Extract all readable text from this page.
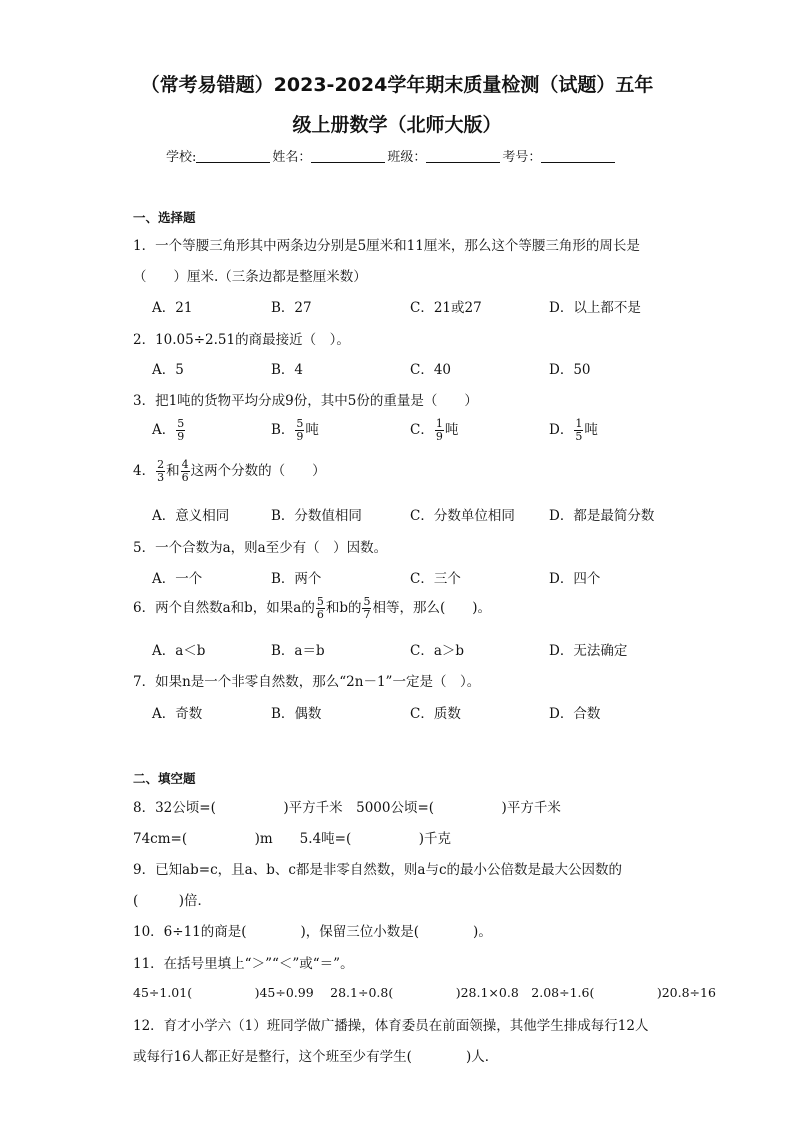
（常考易错题）2023-2024学年期末质量检测（试题）五年
级上册数学（北师大版）
学校:	姓名：	班级：	考号：
一、选择题
1．一个等腰三角形其中两条边分别是5厘米和11厘米，那么这个等腰三角形的周长是
（　　）厘米.（三条边都是整厘米数）
A．21	B．27	C．21或27	D．以上都不是
2．10.05÷2.51的商最接近（　）。
A．5	B．4	C．40	D．50
3．把1吨的货物平均分成9份，其中5份的重量是（　　）
A． $\frac{5}{9}$	B． $\frac{5}{9}$ 吨	C． $\frac{1}{9}$ 吨	D． $\frac{1}{5}$ 吨
4． $\frac{2}{3}$ 和 $\frac{4}{6}$ 这两个分数的（　　）
A．意义相同	B．分数值相同	C．分数单位相同	D．都是最简分数
5．一个合数为a，则a至少有（　）因数。
A．一个	B．两个	C．三个	D．四个
6．两个自然数a和b，如果a的 $\frac{5}{6}$ 和b的 $\frac{5}{7}$ 相等，那么(　　)。
A．a＜b	B．a＝b	C．a＞b	D．无法确定
7．如果n是一个非零自然数，那么“2n－1”一定是（　）。
A．奇数	B．偶数	C．质数	D．合数
二、填空题
8．32公顷=(　　　　　)平方千米　5000公顷=(　　　　　)平方千米
74cm=(　　　　　)m　　5.4吨=(　　　　　)千克
9．已知ab=c，且a、b、c都是非零自然数，则a与c的最小公倍数是最大公因数的
(　　　)倍．
10．6÷11的商是(　　　　)，保留三位小数是(　　　　)。
11．在括号里填上“＞”“＜”或“＝”。
45÷1.01(　　　　　)45÷0.99　 28.1÷0.8(　　　　　)28.1×0.8　2.08÷1.6(　　　　　)20.8÷16
12．育才小学六（1）班同学做广播操，体育委员在前面领操，其他学生排成每行12人
或每行16人都正好是整行，这个班至少有学生(　　　　)人．
